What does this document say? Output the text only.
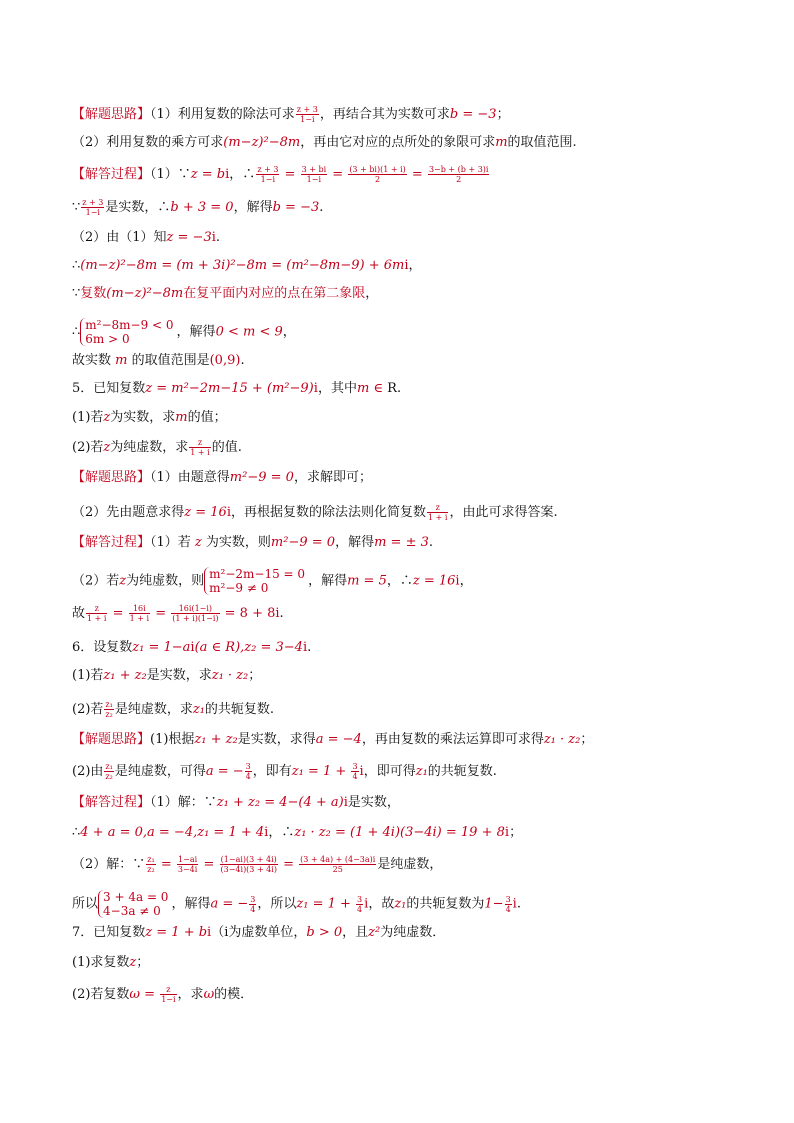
【解题思路】（1）利用复数的除法可求 $\frac{z + 3}{1-i}$ ，再结合其为实数可求b = −3；
（2）利用复数的乘方可求(m−z)²−8m，再由它对应的点所处的象限可求m的取值范围.
【解答过程】（1）∵z = bi，∴ $\frac{z + 3}{1-i} = \frac{3 + bi}{1-i} = \frac{(3 + bi)(1 + i)}{2} = \frac{3-b + (b + 3)i}{2}$
∵ $\frac{z + 3}{1-i}$ 是实数，∴b + 3 = 0，解得b = −3.
（2）由（1）知z = −3i.
∴(m−z)²−8m = (m + 3i)²−8m = (m²−8m−9) + 6mi，
∵复数(m−z)²−8m在复平面内对应的点在第二象限，
∴ m²−8m−9 < 0
6m > 0	，解得0 < m < 9，
故实数 m 的取值范围是(0,9).
5．已知复数z = m²−2m−15 + (m²−9)i，其中m ∈ R.
(1)若z为实数，求m的值；
(2)若z为纯虚数，求 $\frac{z}{1 + i}$ 的值.
【解题思路】（1）由题意得m²−9 = 0，求解即可；
（2）先由题意求得z = 16i，再根据复数的除法法则化简复数 $\frac{z}{1 + i}$ ，由此可求得答案.
【解答过程】（1）若 z 为实数，则m²−9 = 0，解得m = ± 3.
（2）若z为纯虚数，则 m²−2m−15 = 0
m²−9 ≠ 0	，解得m = 5，∴z = 16i，
故 $\frac{z}{1 + i} = \frac{16i}{1 + i} = \frac{16i(1-i)}{(1 + i)(1-i)} = 8 + 8i$.
6．设复数z₁ = 1−ai(a ∈ R),z₂ = 3−4i.
(1)若z₁ + z₂是实数，求z₁ · z₂；
(2)若 $\frac{\text{z₁}}{\text{z₂}}$ 是纯虚数，求z₁的共轭复数.
【解题思路】(1)根据z₁ + z₂是实数，求得a = −4，再由复数的乘法运算即可求得z₁ · z₂；
(2)由 $\frac{\text{z₁}}{\text{z₂}}$ 是纯虚数，可得a = − $\frac{3}{4}$ ，即有$z_1 = 1 + \frac{3}{4}$ i，即可得z₁的共轭复数.
【解答过程】（1）解：∵z₁ + z₂ = 4−(4 + a)i是实数，
∴4 + a = 0,a = −4,z₁ = 1 + 4i，∴z₁ · z₂ = (1 + 4i)(3−4i) = 19 + 8i；
（2）解：∵ $\frac{\text{z₁}}{\text{z₂}} = \frac{1-ai}{3-4i} = \frac{(1-ai)(3 + 4i)}{(3-4i)(3 + 4i)} = \frac{(3 + 4a) + (4-3a)i}{25}$ 是纯虚数，
所以 3 + 4a = 0
4−3a ≠ 0 ，解得a = − $\frac{3}{4}$ ，所以$z_1 = 1 + \frac{3}{4}$ i，故z₁的共轭复数为$1- \frac{3}{4} i$.
7．已知复数z = 1 + bi（i为虚数单位，b > 0，且z²为纯虚数．
(1)求复数z；
(2)若复数$\omega = \frac{z}{1-i}$ ，求ω的模．
